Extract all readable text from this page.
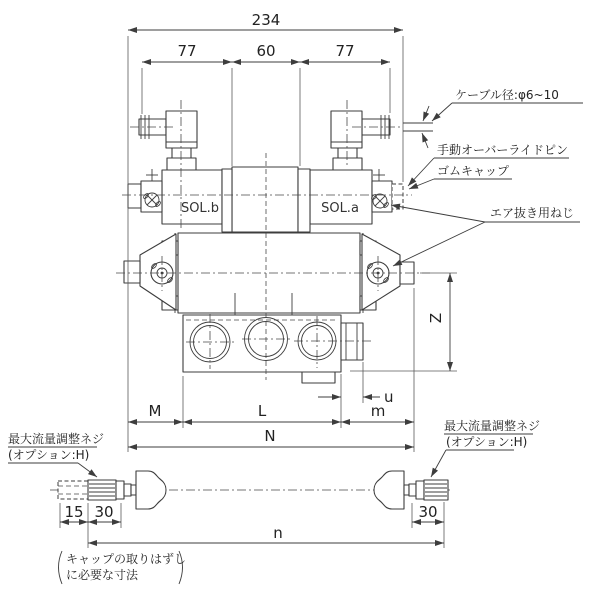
234
77	60	77
Z
u
M	L	m
N
15 30	30
n
SOL.b	SOL.a
ケーブル径:φ6~10
手動オーバーライドピン
ゴムキャップ
エア抜き用ねじ
最大流量調整ネジ
(オプション:H)
最大流量調整ネジ
(オプション:H)
キャップの取りはずし
に必要な寸法
